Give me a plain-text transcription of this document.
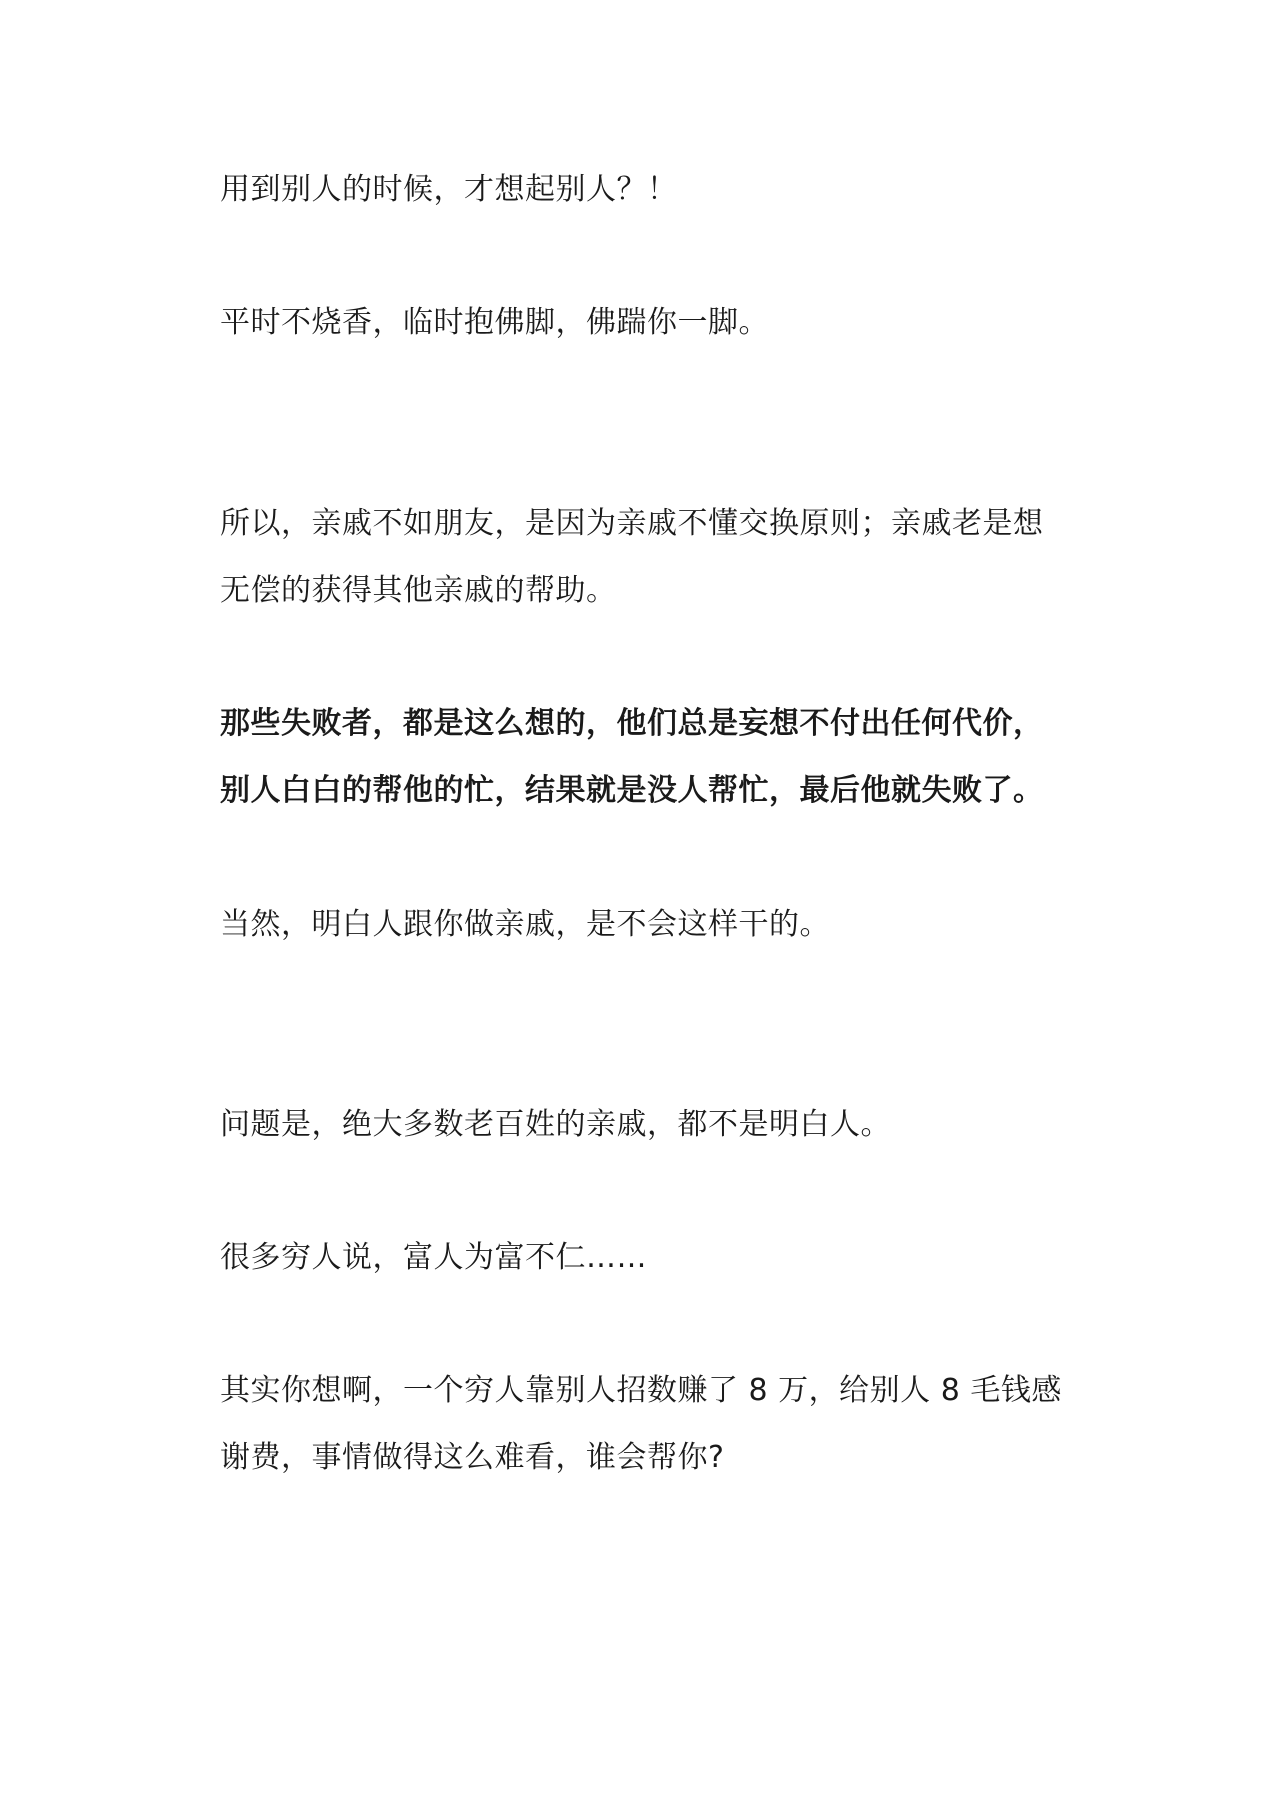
用到别人的时候，才想起别人？！

平时不烧香，临时抱佛脚，佛踹你一脚。

所以，亲戚不如朋友，是因为亲戚不懂交换原则；亲戚老是想无偿的获得其他亲戚的帮助。

那些失败者，都是这么想的，他们总是妄想不付出任何代价，别人白白的帮他的忙，结果就是没人帮忙，最后他就失败了。

当然，明白人跟你做亲戚，是不会这样干的。

问题是，绝大多数老百姓的亲戚，都不是明白人。

很多穷人说，富人为富不仁……

其实你想啊，一个穷人靠别人招数赚了 8 万，给别人 8 毛钱感谢费，事情做得这么难看，谁会帮你?
